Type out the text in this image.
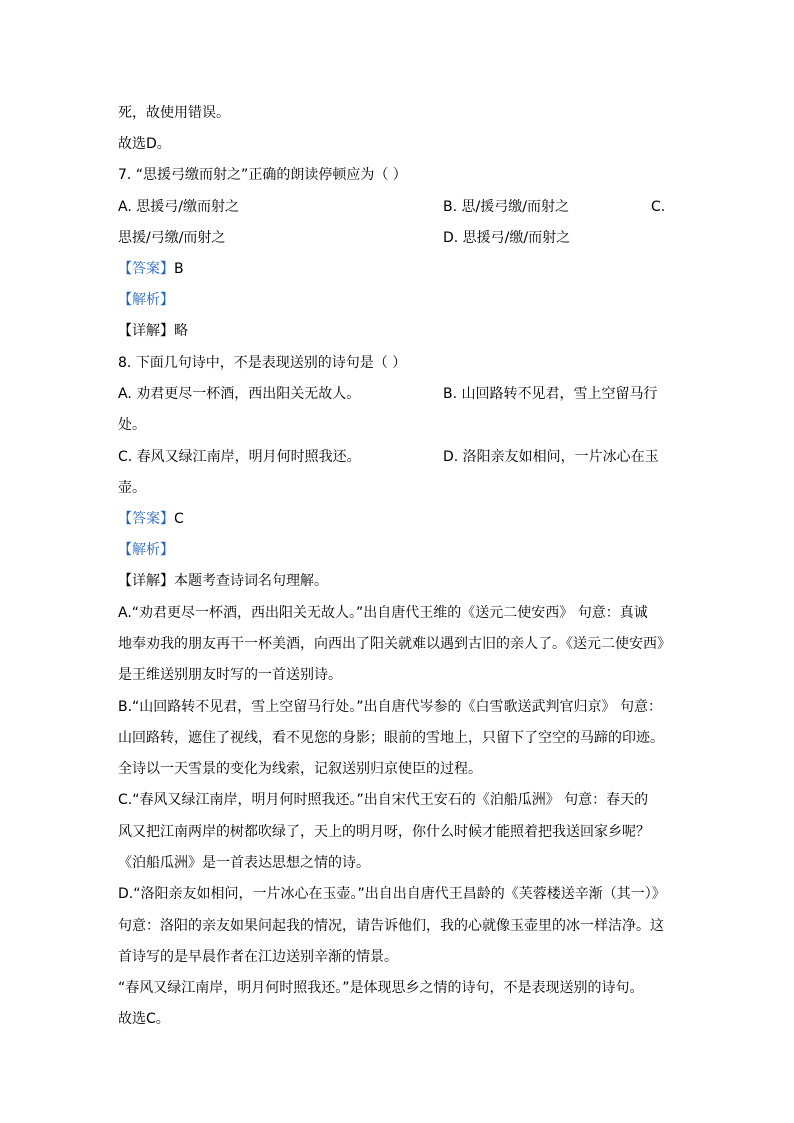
死，故使用错误。
故选D。
7. “思援弓缴而射之”正确的朗读停顿应为（ ）
A. 思援弓/缴而射之	B. 思/援弓缴/而射之	C.
思援/弓缴/而射之	D. 思援弓/缴/而射之
【答案】B
【解析】
【详解】略
8. 下面几句诗中，不是表现送别的诗句是（ ）
A. 劝君更尽一杯酒，西出阳关无故人。	B. 山回路转不见君，雪上空留马行
处。
C. 春风又绿江南岸，明月何时照我还。	D. 洛阳亲友如相问，一片冰心在玉
壶。
【答案】C
【解析】
【详解】本题考查诗词名句理解。
A.“劝君更尽一杯酒，西出阳关无故人。”出自唐代王维的《送元二使安西》 句意：真诚
地奉劝我的朋友再干一杯美酒，向西出了阳关就难以遇到古旧的亲人了。《送元二使安西》
是王维送别朋友时写的一首送别诗。
B.“山回路转不见君，雪上空留马行处。”出自唐代岑参的《白雪歌送武判官归京》 句意：
山回路转，遮住了视线，看不见您的身影；眼前的雪地上，只留下了空空的马蹄的印迹。
全诗以一天雪景的变化为线索，记叙送别归京使臣的过程。
C.“春风又绿江南岸，明月何时照我还。”出自宋代王安石的《泊船瓜洲》 句意：春天的
风又把江南两岸的树都吹绿了，天上的明月呀，你什么时候才能照着把我送回家乡呢？
《泊船瓜洲》是一首表达思想之情的诗。
D.“洛阳亲友如相问，一片冰心在玉壶。”出自出自唐代王昌龄的《芙蓉楼送辛渐（其一）》
句意：洛阳的亲友如果问起我的情况，请告诉他们，我的心就像玉壶里的冰一样洁净。这
首诗写的是早晨作者在江边送别辛渐的情景。
“春风又绿江南岸，明月何时照我还。”是体现思乡之情的诗句，不是表现送别的诗句。
故选C。
